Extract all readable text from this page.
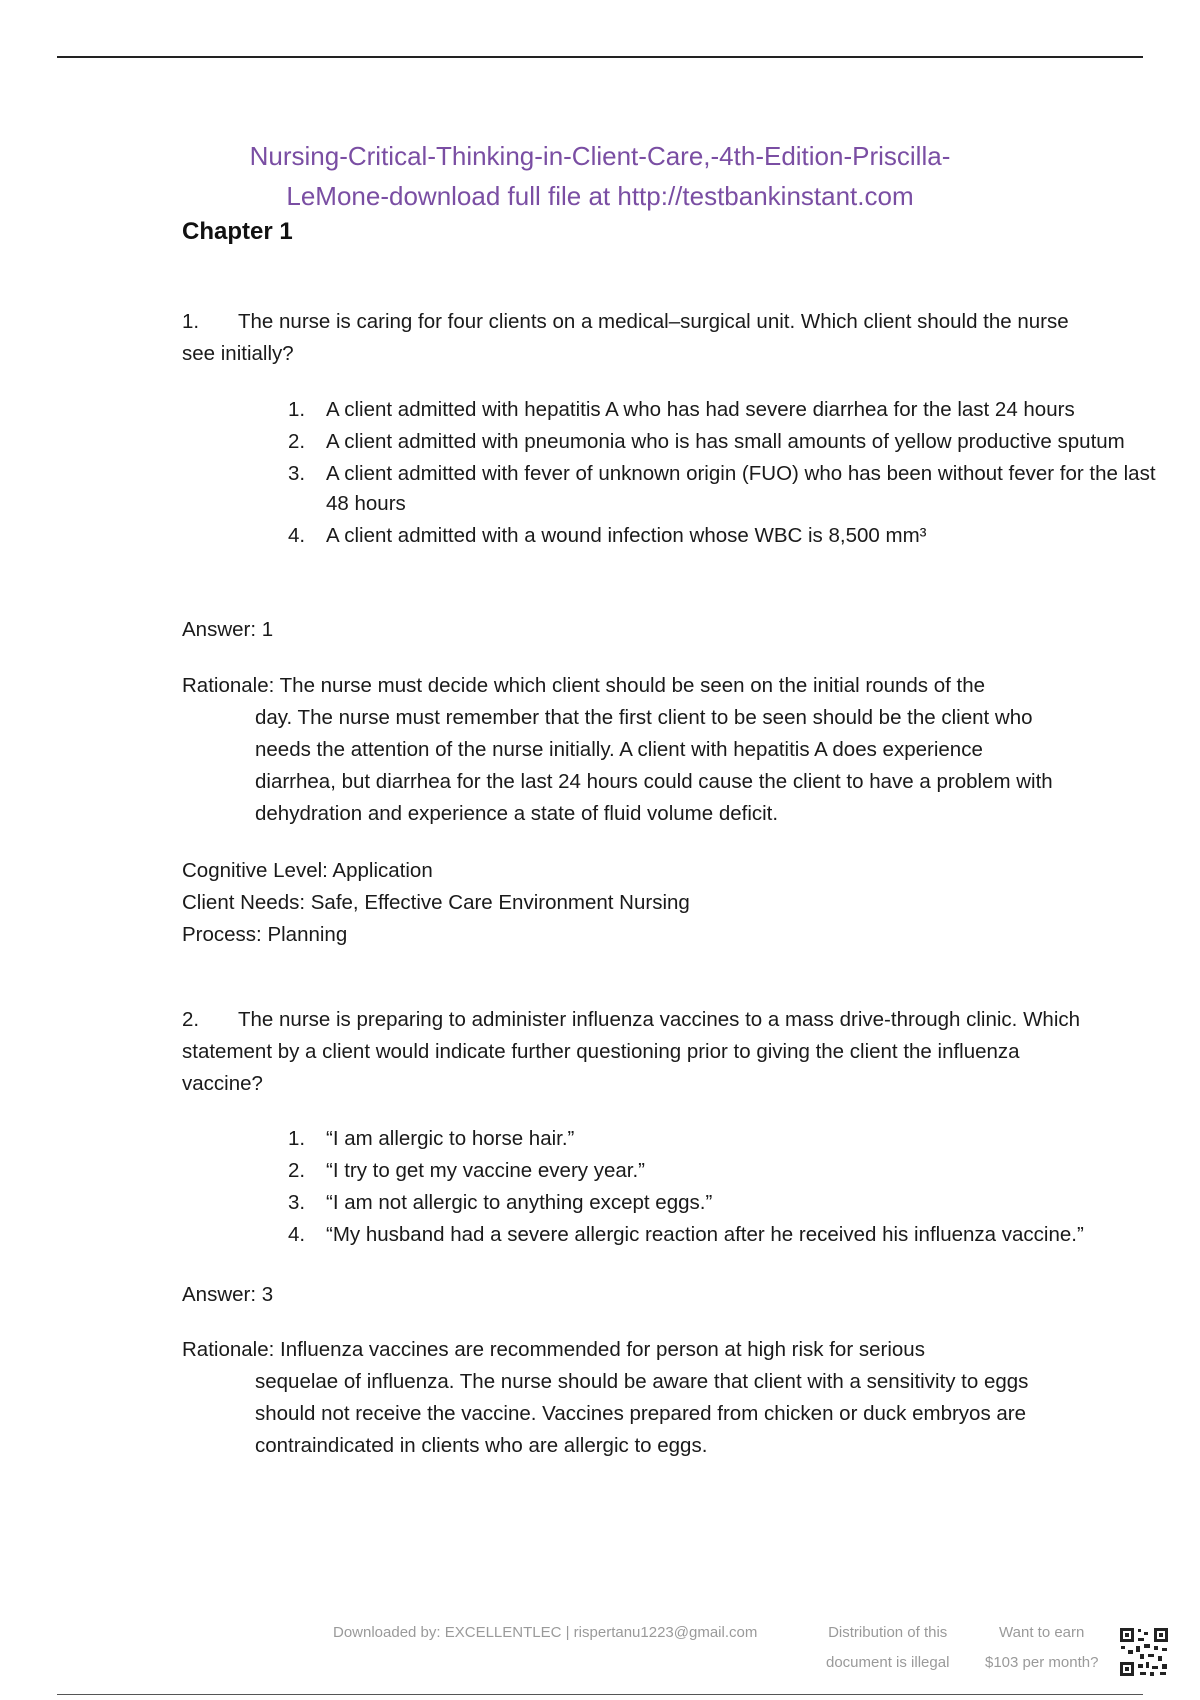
Nursing-Critical-Thinking-in-Client-Care,-4th-Edition-Priscilla-
LeMone-download full file at http://testbankinstant.com
Chapter 1
1. The nurse is caring for four clients on a medical–surgical unit. Which client should the nurse see initially?
1.	A client admitted with hepatitis A who has had severe diarrhea for the last 24 hours
2.	A client admitted with pneumonia who is has small amounts of yellow productive sputum
3.	A client admitted with fever of unknown origin (FUO) who has been without fever for the last 48 hours
4.	A client admitted with a wound infection whose WBC is 8,500 mm³
Answer: 1
Rationale: The nurse must decide which client should be seen on the initial rounds of the
day. The nurse must remember that the first client to be seen should be the client who needs the attention of the nurse initially. A client with hepatitis A does experience diarrhea, but diarrhea for the last 24 hours could cause the client to have a problem with dehydration and experience a state of fluid volume deficit.
Cognitive Level: Application
Client Needs: Safe, Effective Care Environment Nursing
Process: Planning
2. The nurse is preparing to administer influenza vaccines to a mass drive-through clinic. Which statement by a client would indicate further questioning prior to giving the client the influenza vaccine?
1.	“I am allergic to horse hair.”
2.	“I try to get my vaccine every year.”
3.	“I am not allergic to anything except eggs.”
4.	“My husband had a severe allergic reaction after he received his influenza vaccine.”
Answer: 3
Rationale: Influenza vaccines are recommended for person at high risk for serious
sequelae of influenza. The nurse should be aware that client with a sensitivity to eggs should not receive the vaccine. Vaccines prepared from chicken or duck embryos are contraindicated in clients who are allergic to eggs.
Downloaded by: EXCELLENTLEC | rispertanu1223@gmail.com	Distribution of this
document is illegal
Want to earn
$103 per month?
